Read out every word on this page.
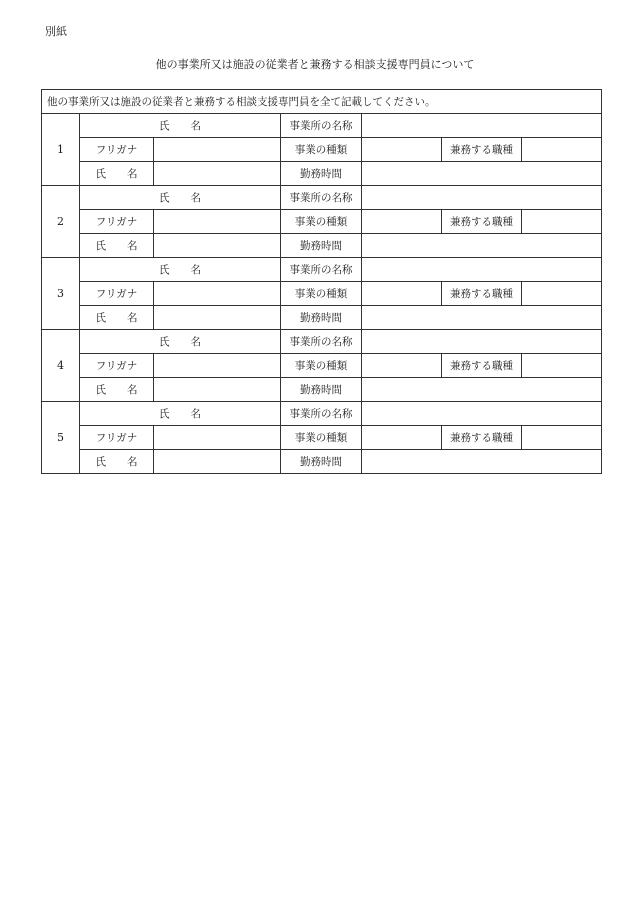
別紙
他の事業所又は施設の従業者と兼務する相談支援専門員について
他の事業所又は施設の従業者と兼務する相談支援専門員を全て記載してください。						
1	氏　　名		事業所の名称			
	フリガナ		事業の種類		兼務する職種	
	氏　　名		勤務時間			
2	氏　　名		事業所の名称			
	フリガナ		事業の種類		兼務する職種	
	氏　　名		勤務時間			
3	氏　　名		事業所の名称			
	フリガナ		事業の種類		兼務する職種	
	氏　　名		勤務時間			
4	氏　　名		事業所の名称			
	フリガナ		事業の種類		兼務する職種	
	氏　　名		勤務時間			
5	氏　　名		事業所の名称			
	フリガナ		事業の種類		兼務する職種	
	氏　　名		勤務時間			
